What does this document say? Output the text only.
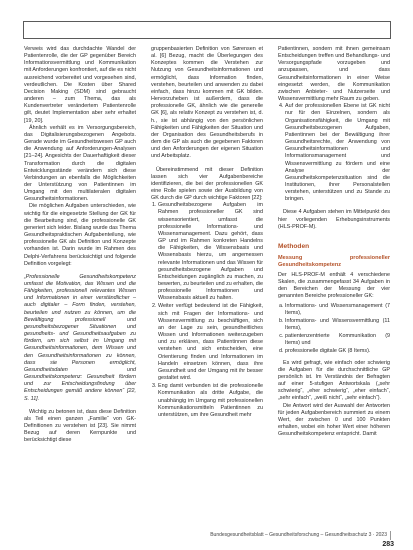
Verweis wird das durchdachte Wandel der Patientenrolle, die der GP gegenüber Bereich Informationsvermittlung und Kommunikation mit Anforderungen konfrontiert, auf die es nicht ausreichend vorbereitet und vorgesehen sind, verdeutlichen. Die Kosten über Shared Decision Making (SDM) sind gebraucht anderen – zum Thema, das als Kundenvertreter verändertem Patientenrolle gilt, deutet Implementation aber sehr erhaltet [19, 20].

Ähnlich verhält es im Versorgungsbereich, das Digitalisierungsbezogenen Angebots. Gerade wurde im Gesundheitswesen GP auch die Anwendung auf Anforderungen-Analysen [21–24]. Angesichts der Dauerhaftigkeit dieser Transformation durch die digitalen Entwicklungsstände verändern sich diese Verbindungen an ebenfalls die Möglichkeiten der Unterstützung von Patientinnen im Umgang mit den multilateralen digitalen Gesundheitsinformationen.

Die möglichen Aufgaben unterschieden, wie wichtig für die eingesetzte Stellung der GK für die Bearbeitung sind, die professionelle GK generiert sich leider. Bislang wurde das Thema Gesundheitspraktischen Aufgabenteilung, wie professionelle GK als Definition und Konzepte vorhanden ist. Darin wurde im Rahmen des Delphi-Verfahrens berücksichtigt und folgende Definition vorgelegt:

„Professionelle Gesundheitskompetenz umfasst die Motivation, das Wissen und die Fähigkeiten, professionell relevantes Wissen und Informationen in einer verständlicher – auch digitaler – Form finden, verstehen, beurteilen und nutzen zu können, um die Bewältigung professionell und gesundheitsbezogener Situationen und gesundheits- und Gesundheitsaufgaben zu fördern, um sich selbst im Umgang mit Gesundheitsinformationen, dem Wissen und den Gesundheitsinformationen zu können, dass sie Personen ermöglicht, Gesundheitsdaten und Gesundheitskompetenz: Gesundheit fördern und zur Entscheidungsfindung über Entscheidungen gemäß andere können“ [22, S. 11].

Wichtig zu betonen ist, dass diese Definition als Teil einen ganzen „Familie“ von GK-Definitionen zu verstehen ist [23]. Sie nimmt Bezug auf deren Kernpunkte und berücksichtigt diese

gruppenbasierten Definition von Sørensen et al. [6] Bezug, macht die Überlegungen des Konzeptes kommen die Verstehen zur Nutzung von Gesundheitsinformationen und ermöglicht, dass Information finden, verstehen, beurteilen und anwenden zu dabei einfach, dass hinzu kommen mit GK bilden. Hervorzuheben ist außerdem, dass die professionelle GK, ähnlich wie die generelle GK [6], als relativ Konzept zu verstehen ist, d. h., sie ist abhängig von den persönlichen Fähigkeiten und Fähigkeiten der Situation und der Organisation des Gesundheitsberufs in dem die GP als auch die gegebenen Faktoren und den Anforderungen der eigenen Situation und Arbeitsplatz.

Übereinstimmend mit dieser Definition lassen sich vier Aufgabenbereiche identifizieren, die bei der professionellen GK eine Rolle spielen sowie der Ausbildung von GK durch die GP durch wichtige Faktoren [22]:

1. Gesundheitsbezogene Aufgaben im Rahmen professioneller GK sind wissensorientiert, umfasst die professionelle Informations- und Wissensmanagement. Dazu gehört, dass GP und im Rahmen konkreten Handelns die Fähigkeiten, die Wissensbasis und Wissensbasis hierzu, um angemessen relevante Informationen und das Wissen für gesundheitsbezogene Aufgaben und Entscheidungen zugänglich zu machen, zu bewerten, zu beurteilen und zu erhalten, die professionelle Informationen und Wissensbasis aktuell zu halten.
2. Weiter verfügt bedeutend ist die Fähigkeit, sich mit Fragen der Informations- und Wissensvermittlung zu beschäftigen, sich an der Lage zu sein, gesundheitliches Wissen und Informationen weiterzugeben und zu erklären, dass Patientinnen diese verstehen und sich entscheiden, eine Orientierung finden und Informationen im Handeln einsetzen können, dass ihre Gesundheit und der Umgang mit ihr besser gestaltet wird.
3. Eng damit verbunden ist die professionelle Kommunikation als dritte Aufgabe, die unabhängig im Umgang mit professionellen Kommunikationsmitteln Patientinnen zu unterstützen, um ihre Gesundheit mehr

Patientinnen, sondern mit ihnen gemeinsam Entscheidungen treffen und Behandlungs- und Versorgungspfade vorzugeben und anzupassen, und dass Gesundheitsinformationen in einer Weise eingesetzt werden, die Kommunikation zwischen Anbieter- und Nutzerseite und Wissensvermittlung mehr Raum zu geben.

4. Auf der professionellen Ebene ist GK nicht nur für den Einzelnen, sondern als Organisationsfähigkeit, die Umgang mit Gesundheitsbezogenen Aufgaben, Patientinnen bei der Bewältigung ihrer Gesundheitsrechte, der Anwendung von Gesundheitsinformationen und Informationsmanagement und Wissensvermittlung zu fördern und eine Analyse der Gesundheitskompetenzsituation sind die Institutionen, ihrer Personalstellen verstehen, unterstützen und zu Stande zu bringen.

Diese 4 Aufgaben stehen im Mittelpunkt des hier vorliegenden Erhebungsinstruments (HLS-PROF-M).

Methoden
Messung professioneller Gesundheitskompetenz

Der HLS-PROF-M enthält 4 verschiedene Skalen, die zusammengefasst 34 Aufgaben in den Bereichen der Messung der vier genannten Bereiche professioneller GK:

a. Informations- und Wissensmanagement (7 Items),
b. Informations- und Wissensvermittlung (11 Items),
c. patientenzentrierte Kommunikation (9 Items) und
d. professionelle digitale GK (8 Items).

Es wird gefragt, wie einfach oder schwierig die Aufgaben für die durchschnittliche GP persönlich ist. Im Verständnis der Befragten auf einer 5-stufigen Antwortskala („sehr schwierig“, „eher schwierig“, „eher einfach“, „sehr einfach“, „weiß nicht“, „sehr einfach“).

Die Antwort wird der Auswahl der Antworten für jeden Aufgabenbereich summiert zu einem Wert, der zwischen 0 und 100 Punkten erhalten, wobei ein hoher Wert einer höheren Gesundheitskompetenz entspricht. Damit

Bundesgesundheitsblatt – Gesundheitsforschung – Gesundheitsschutz 3 · 2023283
